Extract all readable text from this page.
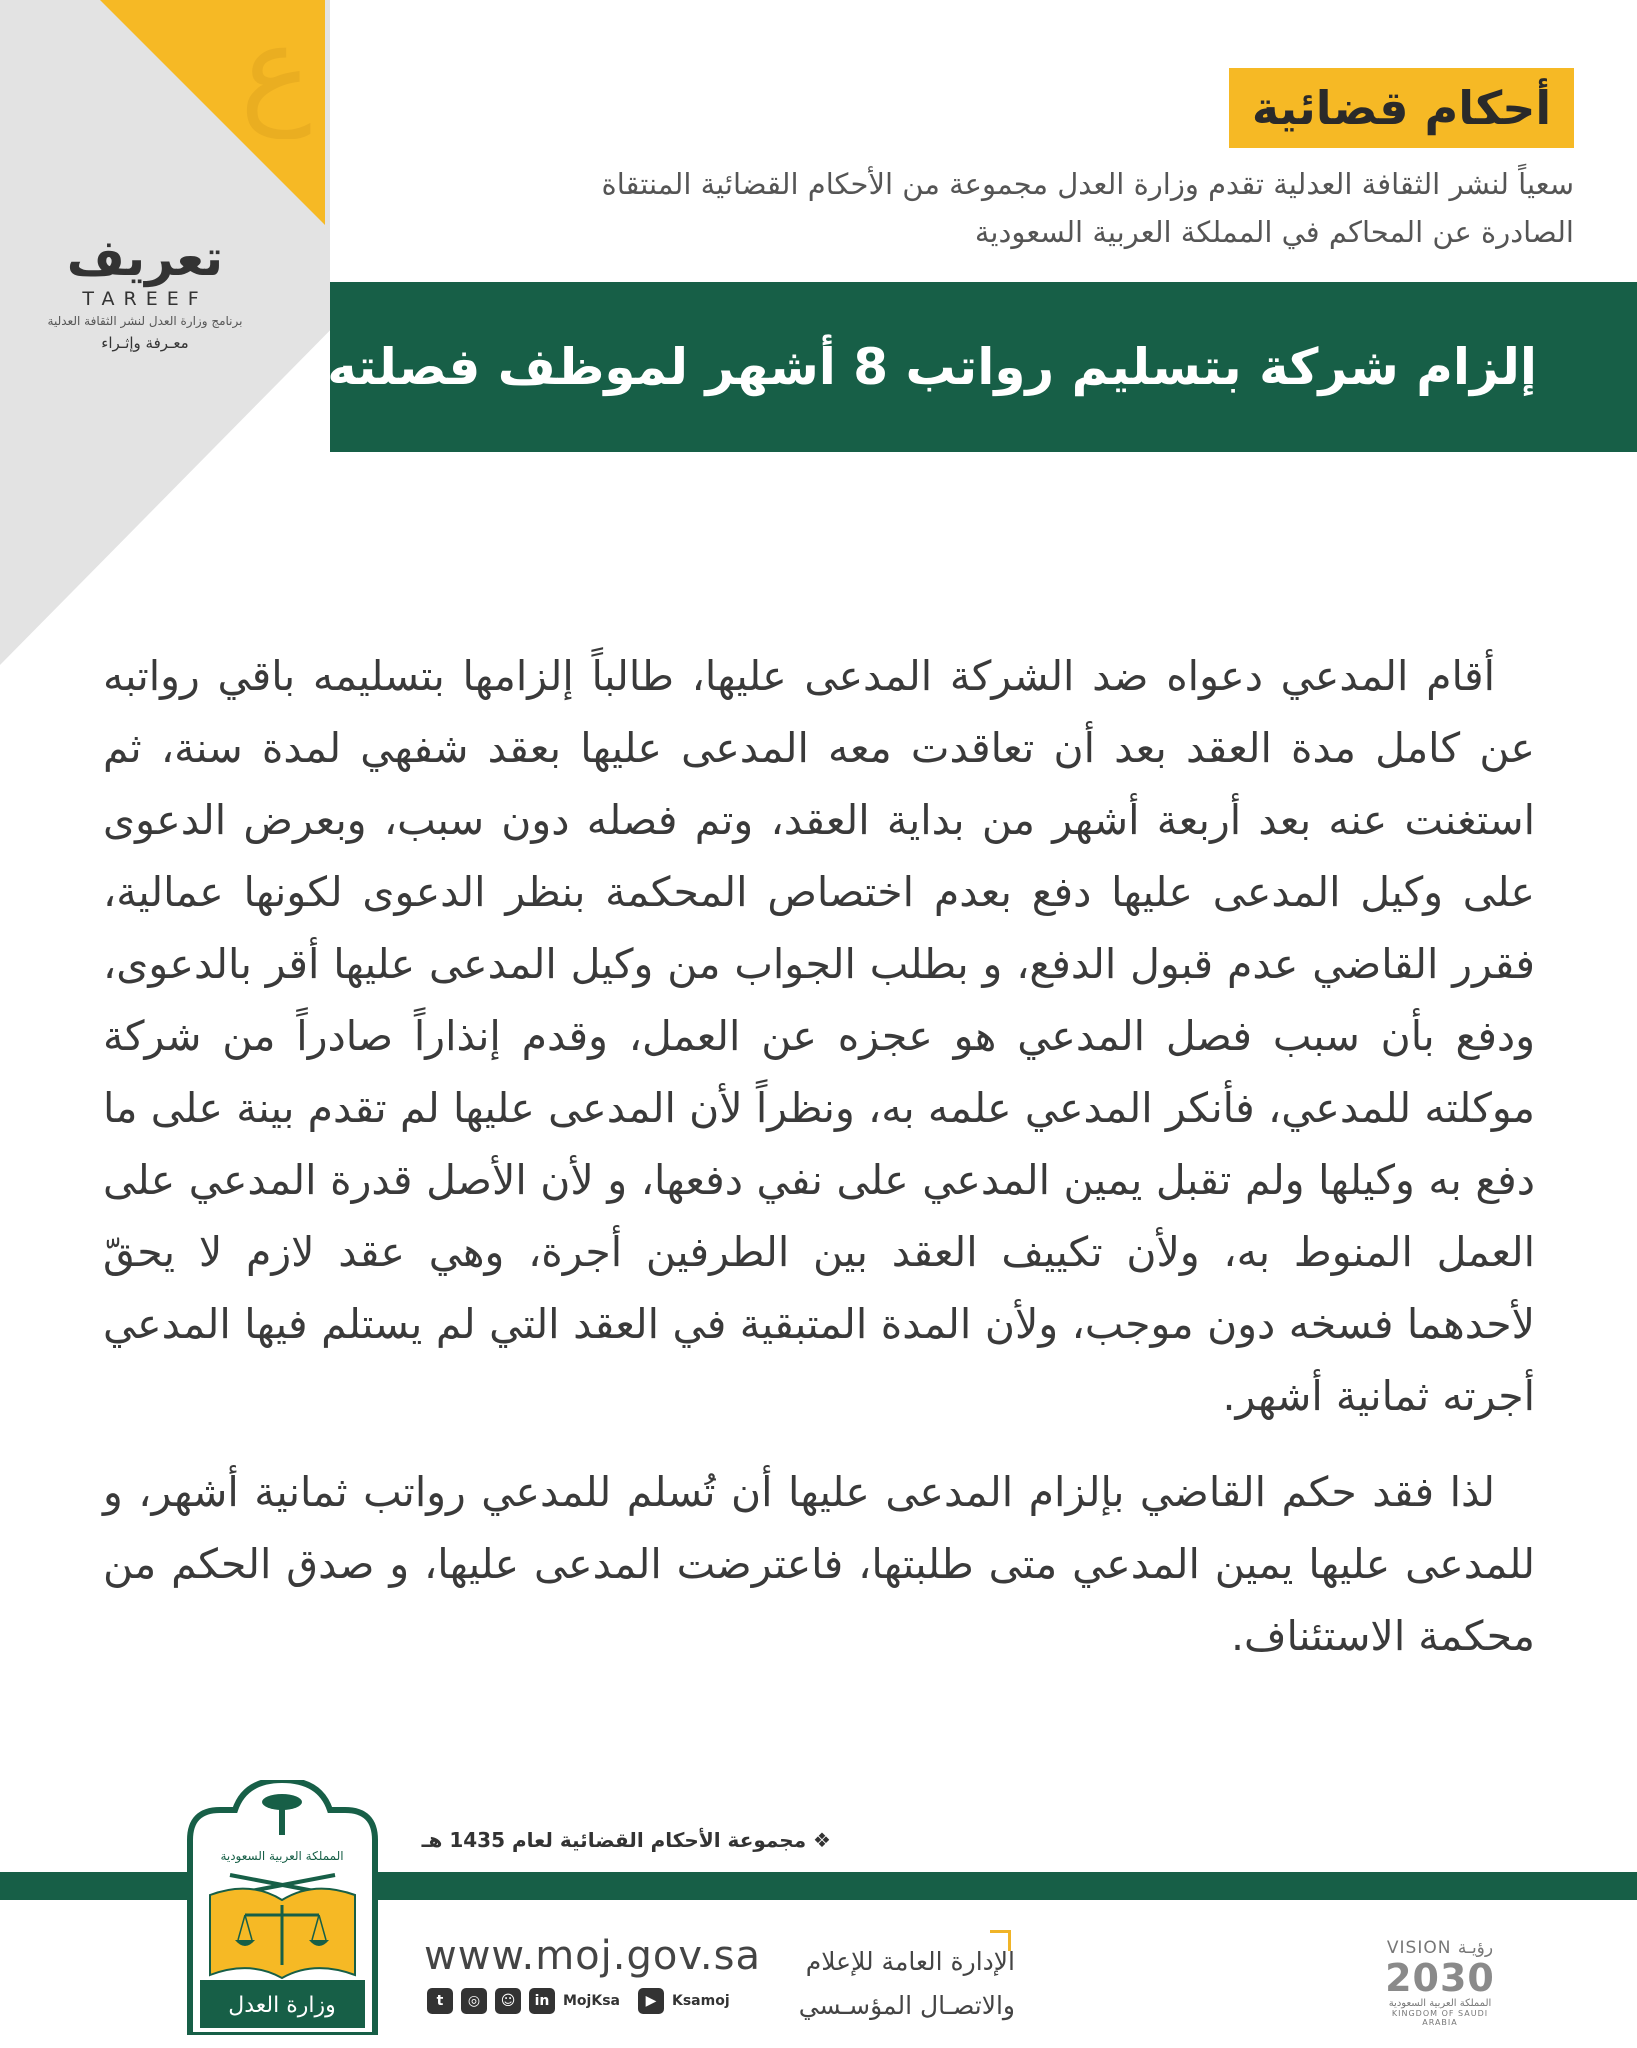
ع	أحكام قضائية
سعياً لنشر الثقافة العدلية تقدم وزارة العدل مجموعة من الأحكام القضائية المنتقاة الصادرة عن المحاكم في المملكة العربية السعودية
إلزام شركة بتسليم رواتب 8 أشهر لموظف فصلته
تعريف
TAREEF
برنامج وزارة العدل لنشر الثقافة العدلية
معـرفة وإثـراء

أقام المدعي دعواه ضد الشركة المدعى عليها، طالباً إلزامها بتسليمه باقي رواتبه عن كامل مدة العقد بعد أن تعاقدت معه المدعى عليها بعقد شفهي لمدة سنة، ثم استغنت عنه بعد أربعة أشهر من بداية العقد، وتم فصله دون سبب، وبعرض الدعوى على وكيل المدعى عليها دفع بعدم اختصاص المحكمة بنظر الدعوى لكونها عمالية، فقرر القاضي عدم قبول الدفع، و بطلب الجواب من وكيل المدعى عليها أقر بالدعوى، ودفع بأن سبب فصل المدعي هو عجزه عن العمل، وقدم إنذاراً صادراً من شركة موكلته للمدعي، فأنكر المدعي علمه به، ونظراً لأن المدعى عليها لم تقدم بينة على ما دفع به وكيلها ولم تقبل يمين المدعي على نفي دفعها، و لأن الأصل قدرة المدعي على العمل المنوط به، ولأن تكييف العقد بين الطرفين أجرة، وهي عقد لازم لا يحقّ لأحدهما فسخه دون موجب، ولأن المدة المتبقية في العقد التي لم يستلم فيها المدعي أجرته ثمانية أشهر.

لذا فقد حكم القاضي بإلزام المدعى عليها أن تُسلم للمدعي رواتب ثمانية أشهر، و للمدعى عليها يمين المدعي متى طلبتها، فاعترضت المدعى عليها، و صدق الحكم من محكمة الاستئناف.

❖ مجموعة الأحكام القضائية لعام 1435 هـ
المملكة العربية السعودية
وزارة العدل
www.moj.gov.sa
t	◎	☺	in MojKsa	▶	Ksamoj
الإدارة العامة للإعلام
والاتصـال المؤسـسي
VISION رؤيـة
2030
المملكة العربية السعودية
KINGDOM OF SAUDI ARABIA
